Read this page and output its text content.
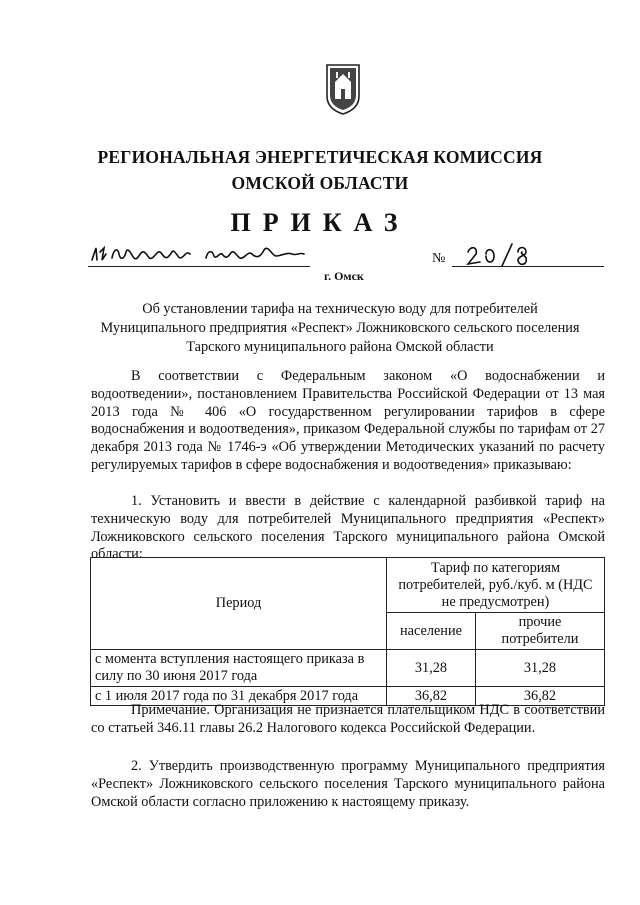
РЕГИОНАЛЬНАЯ ЭНЕРГЕТИЧЕСКАЯ КОМИССИЯ
ОМСКОЙ ОБЛАСТИ
ПРИКАЗ
г. Омск
№
Об установлении тарифа на техническую воду для потребителей Муниципального предприятия «Респект» Ложниковского сельского поселения Тарского муниципального района Омской области
В соответствии с Федеральным законом «О водоснабжении и водоотведении», постановлением Правительства Российской Федерации от 13 мая 2013 года № 406 «О государственном регулировании тарифов в сфере водоснабжения и водоотведения», приказом Федеральной службы по тарифам от 27 декабря 2013 года № 1746-э «Об утверждении Методических указаний по расчету регулируемых тарифов в сфере водоснабжения и водоотведения» приказываю:
1. Установить и ввести в действие с календарной разбивкой тариф на техническую воду для потребителей Муниципального предприятия «Респект» Ложниковского сельского поселения Тарского муниципального района Омской области:
Период	Тариф по категориям потребителей, руб./куб. м (НДС не предусмотрен)	
	население	прочие потребители
с момента вступления настоящего приказа в силу по 30 июня 2017 года	31,28	31,28
с 1 июля 2017 года по 31 декабря 2017 года	36,82	36,82
Примечание. Организация не признается плательщиком НДС в соответствии со статьей 346.11 главы 26.2 Налогового кодекса Российской Федерации.
2. Утвердить производственную программу Муниципального предприятия «Респект» Ложниковского сельского поселения Тарского муниципального района Омской области согласно приложению к настоящему приказу.
